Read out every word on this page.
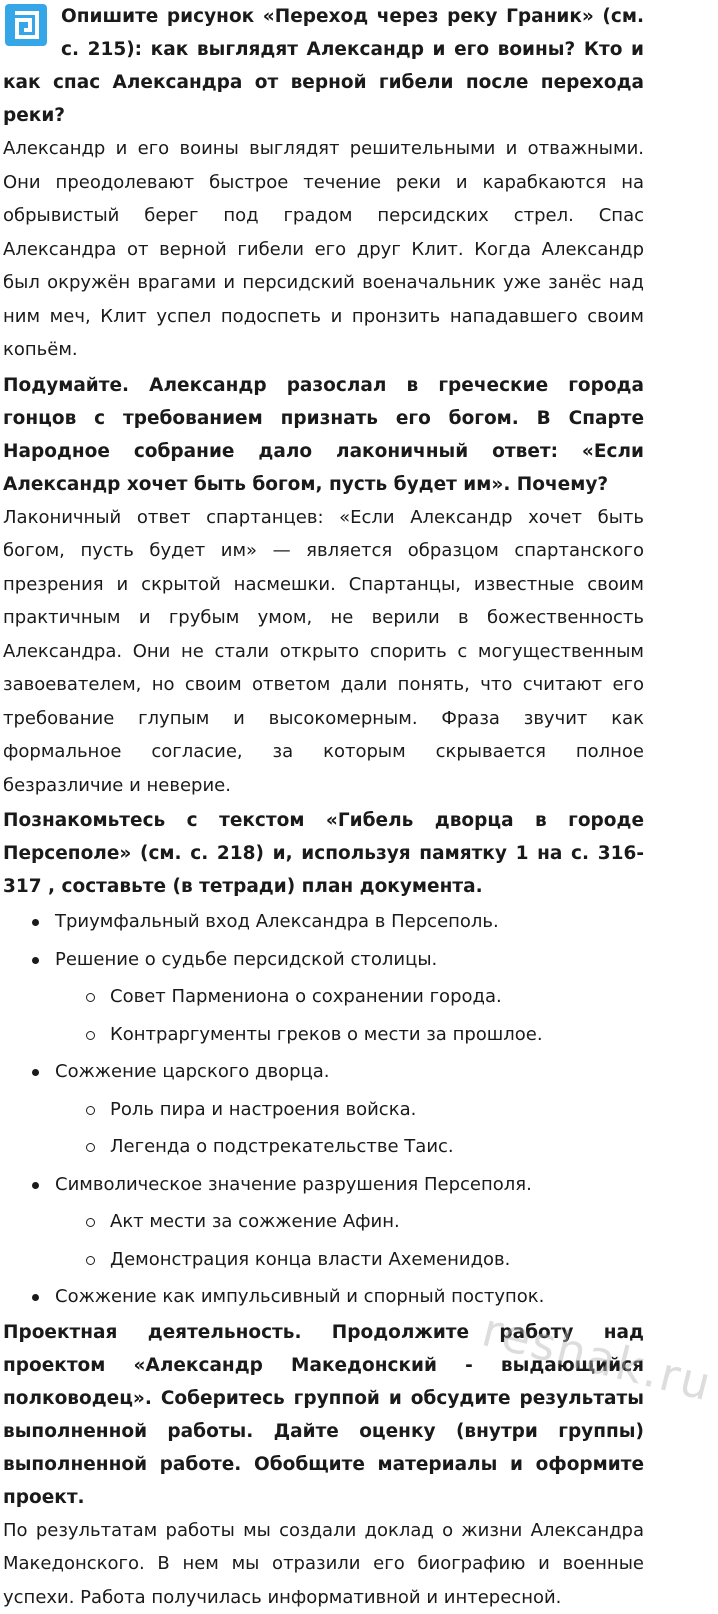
Опишите рисунок «Переход через реку Граник» (см. с. 215): как выглядят Александр и его воины? Кто и как спас Александра от верной гибели после перехода реки?

Александр и его воины выглядят решительными и отважными. Они преодолевают быстрое течение реки и карабкаются на обрывистый берег под градом персидских стрел. Спас Александра от верной гибели его друг Клит. Когда Александр был окружён врагами и персидский военачальник уже занёс над ним меч, Клит успел подоспеть и пронзить нападавшего своим копьём.

Подумайте. Александр разослал в греческие города гонцов с требованием признать его богом. В Спарте Народное собрание дало лаконичный ответ: «Если Александр хочет быть богом, пусть будет им». Почему?

Лаконичный ответ спартанцев: «Если Александр хочет быть богом, пусть будет им» — является образцом спартанского презрения и скрытой насмешки. Спартанцы, известные своим практичным и грубым умом, не верили в божественность Александра. Они не стали открыто спорить с могущественным завоевателем, но своим ответом дали понять, что считают его требование глупым и высокомерным. Фраза звучит как формальное согласие, за которым скрывается полное безразличие и неверие.

Познакомьтесь с текстом «Гибель дворца в городе Персеполе» (см. с. 218) и, используя памятку 1 на с. 316-317 , составьте (в тетради) план документа.

Триумфальный вход Александра в Персеполь.
Решение о судьбе персидской столицы.
Совет Пармениона о сохранении города.
Контраргументы греков о мести за прошлое.
Сожжение царского дворца.
Роль пира и настроения войска.
Легенда о подстрекательстве Таис.
Символическое значение разрушения Персеполя.
Акт мести за сожжение Афин.
Демонстрация конца власти Ахеменидов.
Сожжение как импульсивный и спорный поступок.

Проектная деятельность. Продолжите работу над проектом «Александр Македонский - выдающийся полководец». Соберитесь группой и обсудите результаты выполненной работы. Дайте оценку (внутри группы) выполненной работе. Обобщите материалы и оформите проект.

По результатам работы мы создали доклад о жизни Александра Македонского. В нем мы отразили его биографию и военные успехи. Работа получилась информативной и интересной.

reshak.ru
